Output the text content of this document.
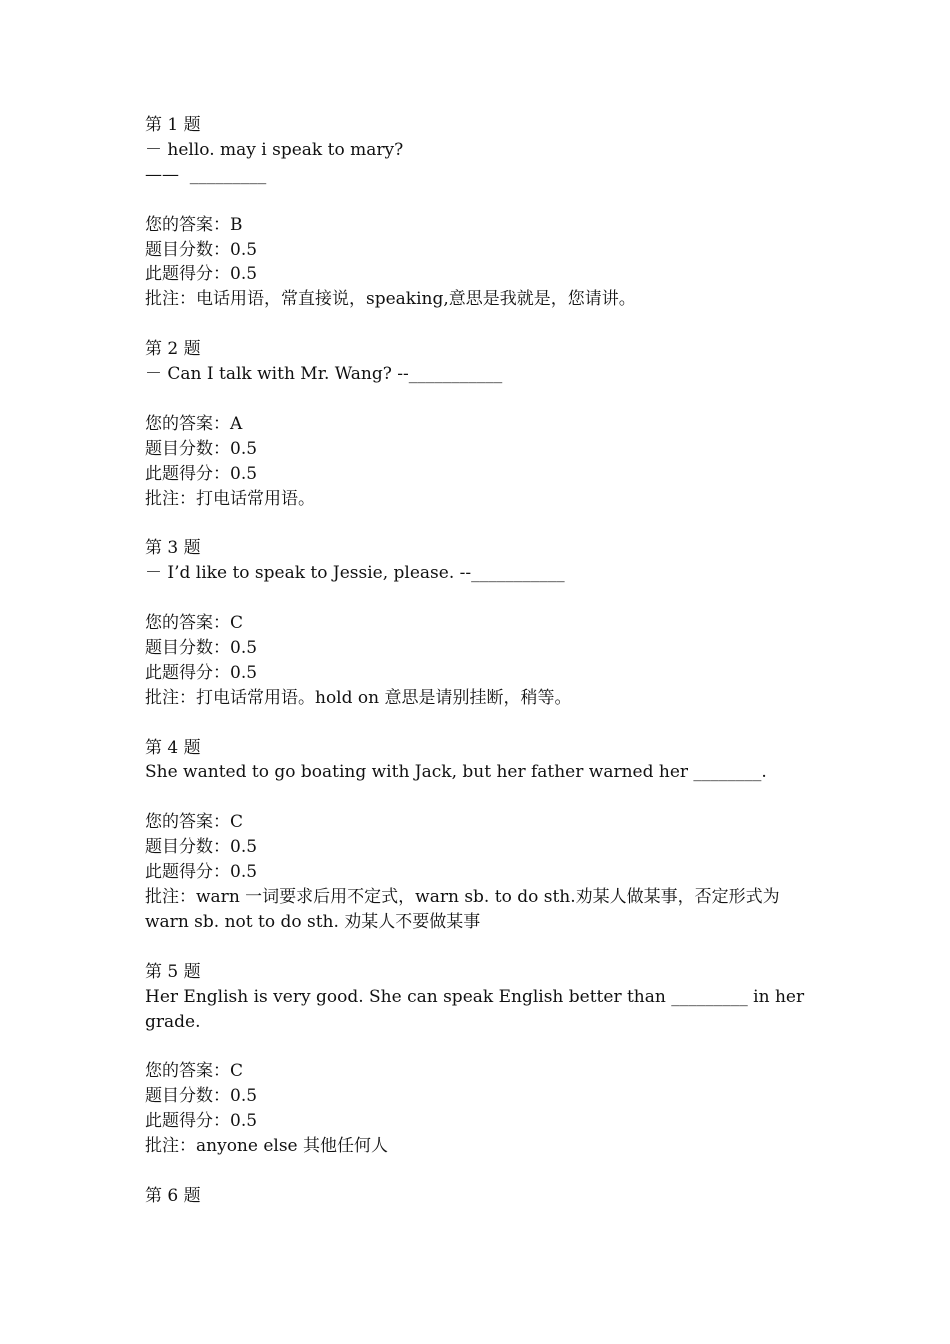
第 1 题
－ hello. may i speak to mary?
——  _________
您的答案：B
题目分数：0.5
此题得分：0.5
批注：电话用语，常直接说，speaking,意思是我就是，您请讲。
第 2 题
－ Can I talk with Mr. Wang? --___________
您的答案：A
题目分数：0.5
此题得分：0.5
批注：打电话常用语。
第 3 题
－ I’d like to speak to Jessie, please. --___________
您的答案：C
题目分数：0.5
此题得分：0.5
批注：打电话常用语。hold on 意思是请别挂断，稍等。
第 4 题
She wanted to go boating with Jack, but her father warned her ________.
您的答案：C
题目分数：0.5
此题得分：0.5
批注：warn 一词要求后用不定式，warn sb. to do sth.劝某人做某事，否定形式为 warn sb. not to do sth. 劝某人不要做某事
第 5 题
Her English is very good. She can speak English better than _________ in her grade.
您的答案：C
题目分数：0.5
此题得分：0.5
批注：anyone else 其他任何人
第 6 题
